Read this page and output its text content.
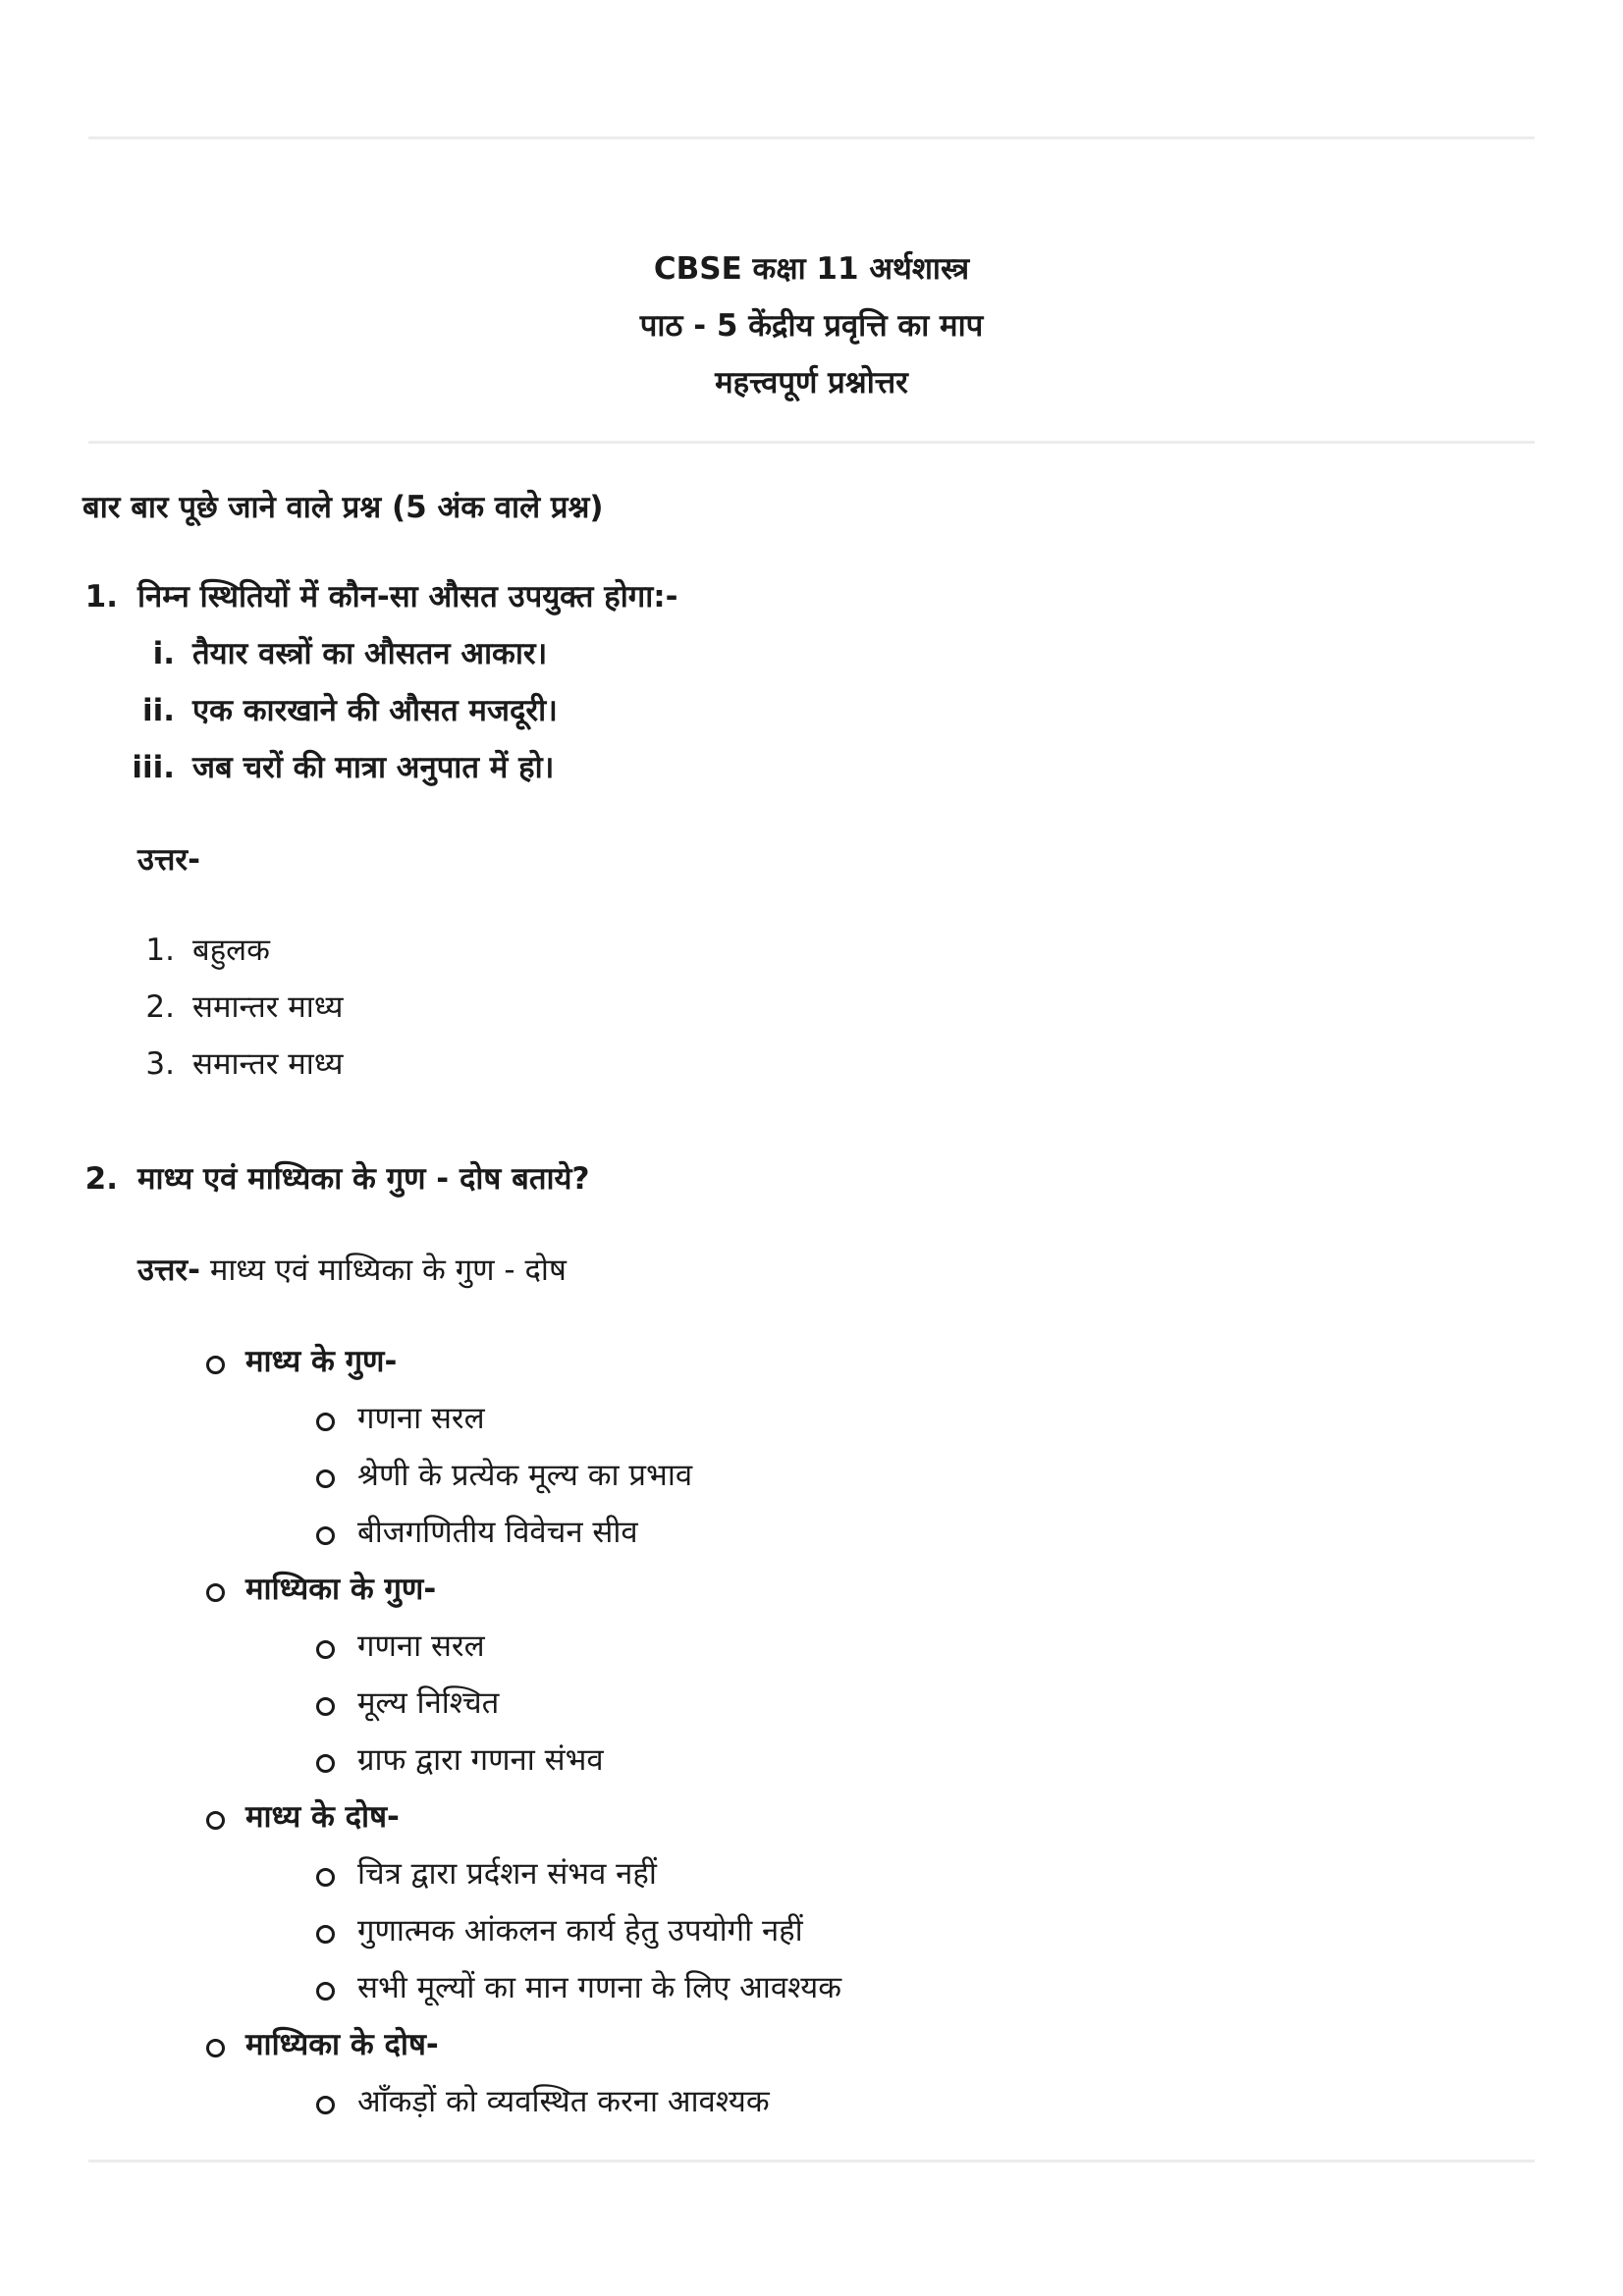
CBSE कक्षा 11 अर्थशास्त्र
पाठ - 5 केंद्रीय प्रवृत्ति का माप
महत्त्वपूर्ण प्रश्नोत्तर
बार बार पूछे जाने वाले प्रश्न (5 अंक वाले प्रश्न)
1. निम्न स्थितियों में कौन-सा औसत उपयुक्त होगा:-
i. तैयार वस्त्रों का औसतन आकार।
ii. एक कारखाने की औसत मजदूरी।
iii. जब चरों की मात्रा अनुपात में हो।
उत्तर-
1. बहुलक
2. समान्तर माध्य
3. समान्तर माध्य
2. माध्य एवं माध्यिका के गुण - दोष बताये?
उत्तर- माध्य एवं माध्यिका के गुण - दोष
माध्य के गुण-
गणना सरल
श्रेणी के प्रत्येक मूल्य का प्रभाव
बीजगणितीय विवेचन सीव
माध्यिका के गुण-
गणना सरल
मूल्य निश्चित
ग्राफ द्वारा गणना संभव
माध्य के दोष-
चित्र द्वारा प्रर्दशन संभव नहीं
गुणात्मक आंकलन कार्य हेतु उपयोगी नहीं
सभी मूल्यों का मान गणना के लिए आवश्यक
माध्यिका के दोष-
आँकड़ों को व्यवस्थित करना आवश्यक
